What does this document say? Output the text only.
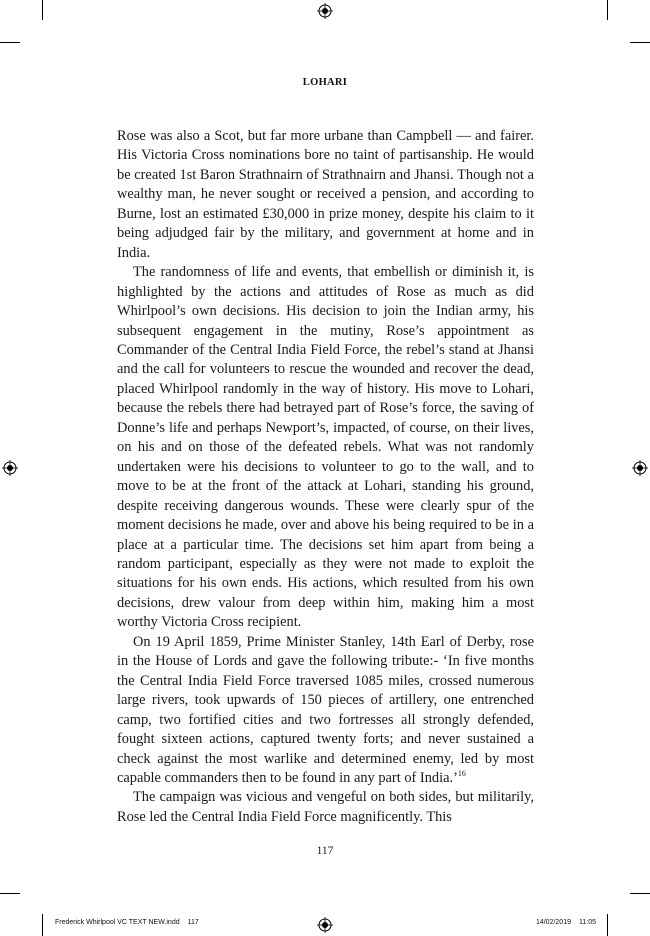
LOHARI

Rose was also a Scot, but far more urbane than Campbell — and fairer. His Victoria Cross nominations bore no taint of partisanship. He would be created 1st Baron Strathnairn of Strathnairn and Jhansi. Though not a wealthy man, he never sought or received a pension, and according to Burne, lost an estimated £30,000 in prize money, despite his claim to it being adjudged fair by the military, and government at home and in India.

The randomness of life and events, that embellish or diminish it, is highlighted by the actions and attitudes of Rose as much as did Whirlpool’s own decisions. His decision to join the Indian army, his subsequent engagement in the mutiny, Rose’s appointment as Commander of the Central India Field Force, the rebel’s stand at Jhansi and the call for volunteers to rescue the wounded and recover the dead, placed Whirlpool randomly in the way of history. His move to Lohari, because the rebels there had betrayed part of Rose’s force, the saving of Donne’s life and perhaps Newport’s, impacted, of course, on their lives, on his and on those of the defeated rebels. What was not randomly undertaken were his decisions to volunteer to go to the wall, and to move to be at the front of the attack at Lohari, standing his ground, despite receiving dangerous wounds. These were clearly spur of the moment decisions he made, over and above his being required to be in a place at a particular time. The decisions set him apart from being a random participant, especially as they were not made to exploit the situations for his own ends. His actions, which resulted from his own decisions, drew valour from deep within him, making him a most worthy Victoria Cross recipient.

On 19 April 1859, Prime Minister Stanley, 14th Earl of Derby, rose in the House of Lords and gave the following tribute:- ‘In five months the Central India Field Force traversed 1085 miles, crossed numerous large rivers, took upwards of 150 pieces of artillery, one entrenched camp, two fortified cities and two fortresses all strongly defended, fought sixteen actions, captured twenty forts; and never sustained a check against the most warlike and determined enemy, led by most capable commanders then to be found in any part of India.’$^{16}$

The campaign was vicious and vengeful on both sides, but militarily, Rose led the Central India Field Force magnificently. This

117
Frederick Whirlpool VC TEXT NEW.indd 117	14/02/2019 11:05
